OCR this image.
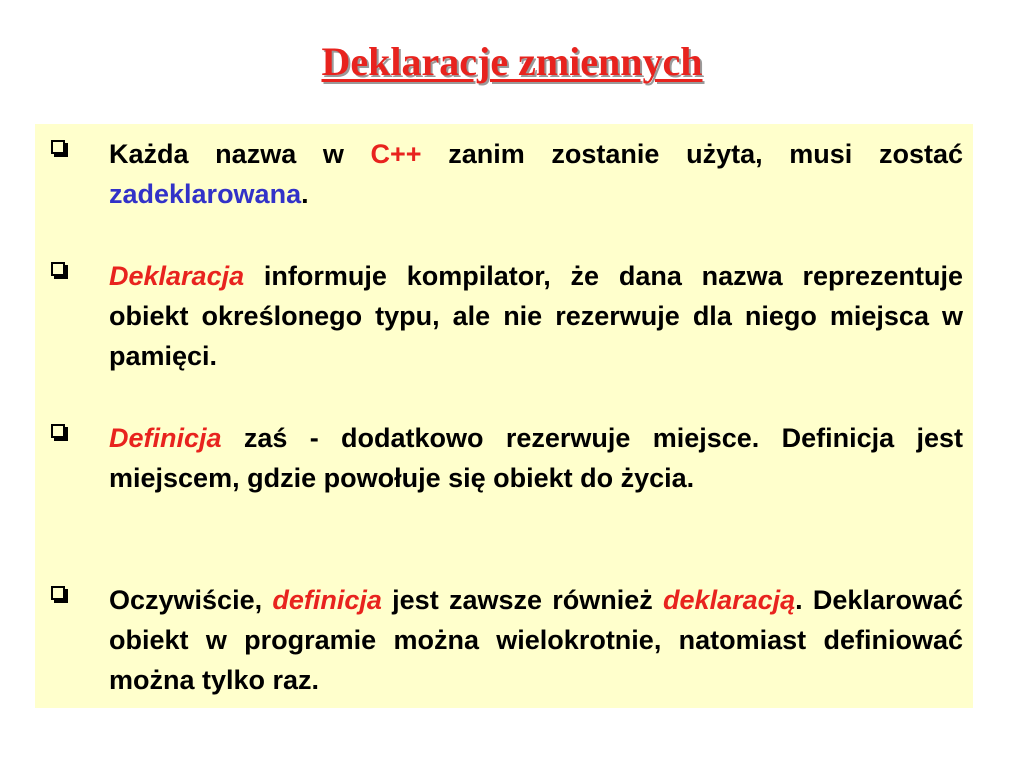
Deklaracje zmiennych
Każda nazwa w C++ zanim zostanie użyta, musi zostać zadeklarowana.
Deklaracja informuje kompilator, że dana nazwa reprezentuje obiekt określonego typu, ale nie rezerwuje dla niego miejsca w pamięci.
Definicja zaś - dodatkowo rezerwuje miejsce. Definicja jest miejscem, gdzie powołuje się obiekt do życia.
Oczywiście, definicja jest zawsze również deklaracją. Deklarować obiekt w programie można wielokrotnie, natomiast definiować można tylko raz.
